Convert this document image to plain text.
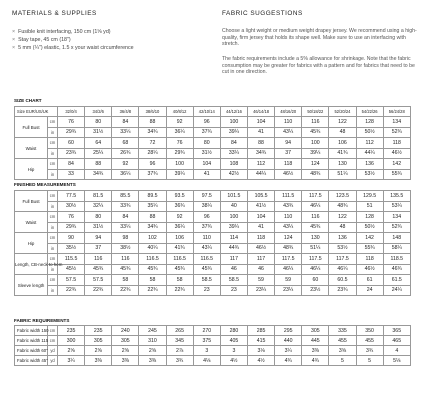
MATERIALS & SUPPLIES
× Fusible knit interfacing, 150 cm (1⅝ yd)
× Stay tape, 45 cm (18")
× 5 mm (¼") elastic, 1.5 x your waist circumference
FABRIC SUGGESTIONS
Choose a light weight or medium weight drapey jersey. We recommend using a high-quality, firm jersey that holds its shape well. Make sure to use an interfacing with stretch.
The fabric requirements include a 5% allowance for shrinkage. Note that the fabric consumption may be greater for fabrics with a pattern and for fabrics that need to be cut in one direction.
SIZE CHART
Size EUR/US/UK		32/0/4	34/2/6	36/4/8	38/6/10	40/8/12	42/10/14	44/12/16	46/14/18	48/16/20	50/18/22	52/20/24	54/22/26	56/24/28
Full Bust	cm	76	80	84	88	92	96	100	104	110	116	122	128	134
	in	29¾	31½	33¼	34¾	36¼	37¾	39¼	41	43¼	45¾	48	50½	52¾
Waist	cm	60	64	68	72	76	80	84	88	94	100	106	112	118
	in	23¾	25¼	26¾	28¼	29¾	31½	33¼	34¾	37	39¼	41¾	44¼	46½
Hip	cm	84	88	92	96	100	104	108	112	118	124	130	136	142
	in	33	34¾	36¼	37¾	39¼	41	42½	44¼	46½	48¾	51¼	53½	55¾
FINISHED MEASUREMENTS
Full Bust	cm	77.5	81.5	85.5	89.5	93.5	97.5	101.5	105.5	111.5	117.5	123.5	129.5	135.5
	in	30½	32¼	33¾	35¼	36¾	38¼	40	41½	43¾	46¼	48¾	51	53¼
Waist	cm	76	80	84	88	92	96	100	104	110	116	122	128	134
	in	29¾	31½	33¼	34¾	36¼	37¾	39¼	41	43¼	45¾	48	50½	52¾
Hip	cm	90	94	98	102	106	110	114	118	124	130	136	142	148
	in	35½	37	38½	40¼	41¾	43¼	44¾	46½	48¾	51¼	53½	55¾	58¼
Length, CB-neck to hem	cm	115.5	116	116	116.5	116.5	116.5	117	117	117.5	117.5	117.5	118	118.5
	in	45½	45¾	45¾	45¾	45¾	45¾	46	46	46¼	46¼	46¼	46½	46¾
Sleeve length	cm	57.5	57.5	58	58	58	58.5	58.5	59	59	60	60.5	61	61.5
	in	22¾	22¾	22¾	22¾	22¾	23	23	23¼	23¼	23½	23¾	24	24¼
FABRIC REQUIREMENTS
Fabric width 150	cm	235	235	240	245	265	270	280	285	295	305	335	350	365
Fabric width 115	cm	300	305	305	310	345	375	405	415	440	445	455	455	465
Fabric width 60"	yd	2⅝	2⅝	2⅝	2⅝	2⅞	3	3	3⅛	3¼	3⅜	3⅝	3¾	4
Fabric width 45"	yd	3¼	3⅜	3⅜	3⅜	3¾	4⅛	4½	4½	4¾	4¾	5	5	5⅛
